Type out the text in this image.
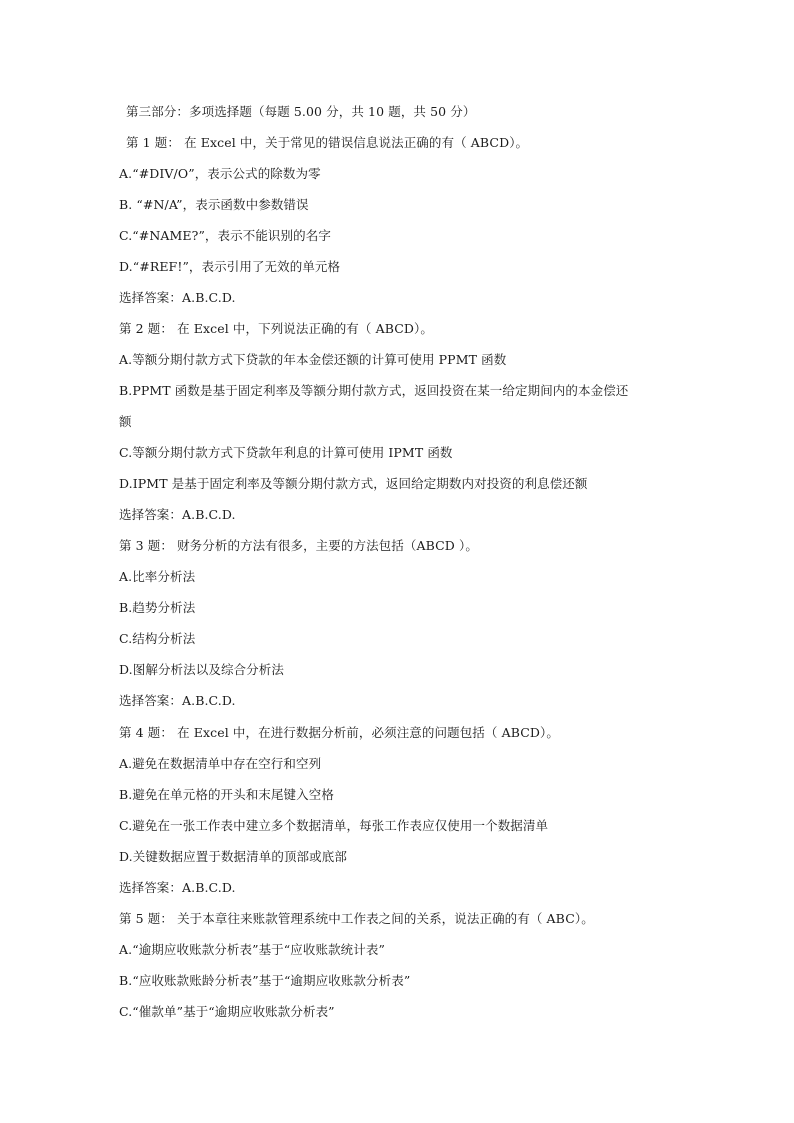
第三部分：多项选择题（每题 5.00 分，共 10 题，共 50 分）
第 1 题： 在 Excel 中，关于常见的错误信息说法正确的有（ ABCD）。
A.“#DIV/O”，表示公式的除数为零
B. “#N/A”，表示函数中参数错误
C.“#NAME?”，表示不能识别的名字
D.“#REF!”，表示引用了无效的单元格
选择答案：A.B.C.D.
第 2 题： 在 Excel 中，下列说法正确的有（ ABCD）。
A.等额分期付款方式下贷款的年本金偿还额的计算可使用 PPMT 函数
B.PPMT 函数是基于固定利率及等额分期付款方式，返回投资在某一给定期间内的本金偿还
额
C.等额分期付款方式下贷款年利息的计算可使用 IPMT 函数
D.IPMT 是基于固定利率及等额分期付款方式，返回给定期数内对投资的利息偿还额
选择答案：A.B.C.D.
第 3 题： 财务分析的方法有很多，主要的方法包括（ABCD ）。
A.比率分析法
B.趋势分析法
C.结构分析法
D.图解分析法以及综合分析法
选择答案：A.B.C.D.
第 4 题： 在 Excel 中，在进行数据分析前，必须注意的问题包括（ ABCD）。
A.避免在数据清单中存在空行和空列
B.避免在单元格的开头和末尾键入空格
C.避免在一张工作表中建立多个数据清单，每张工作表应仅使用一个数据清单
D.关键数据应置于数据清单的顶部或底部
选择答案：A.B.C.D.
第 5 题： 关于本章往来账款管理系统中工作表之间的关系，说法正确的有（ ABC）。
A.“逾期应收账款分析表”基于“应收账款统计表”
B.“应收账款账龄分析表”基于“逾期应收账款分析表”
C.“催款单”基于“逾期应收账款分析表”
